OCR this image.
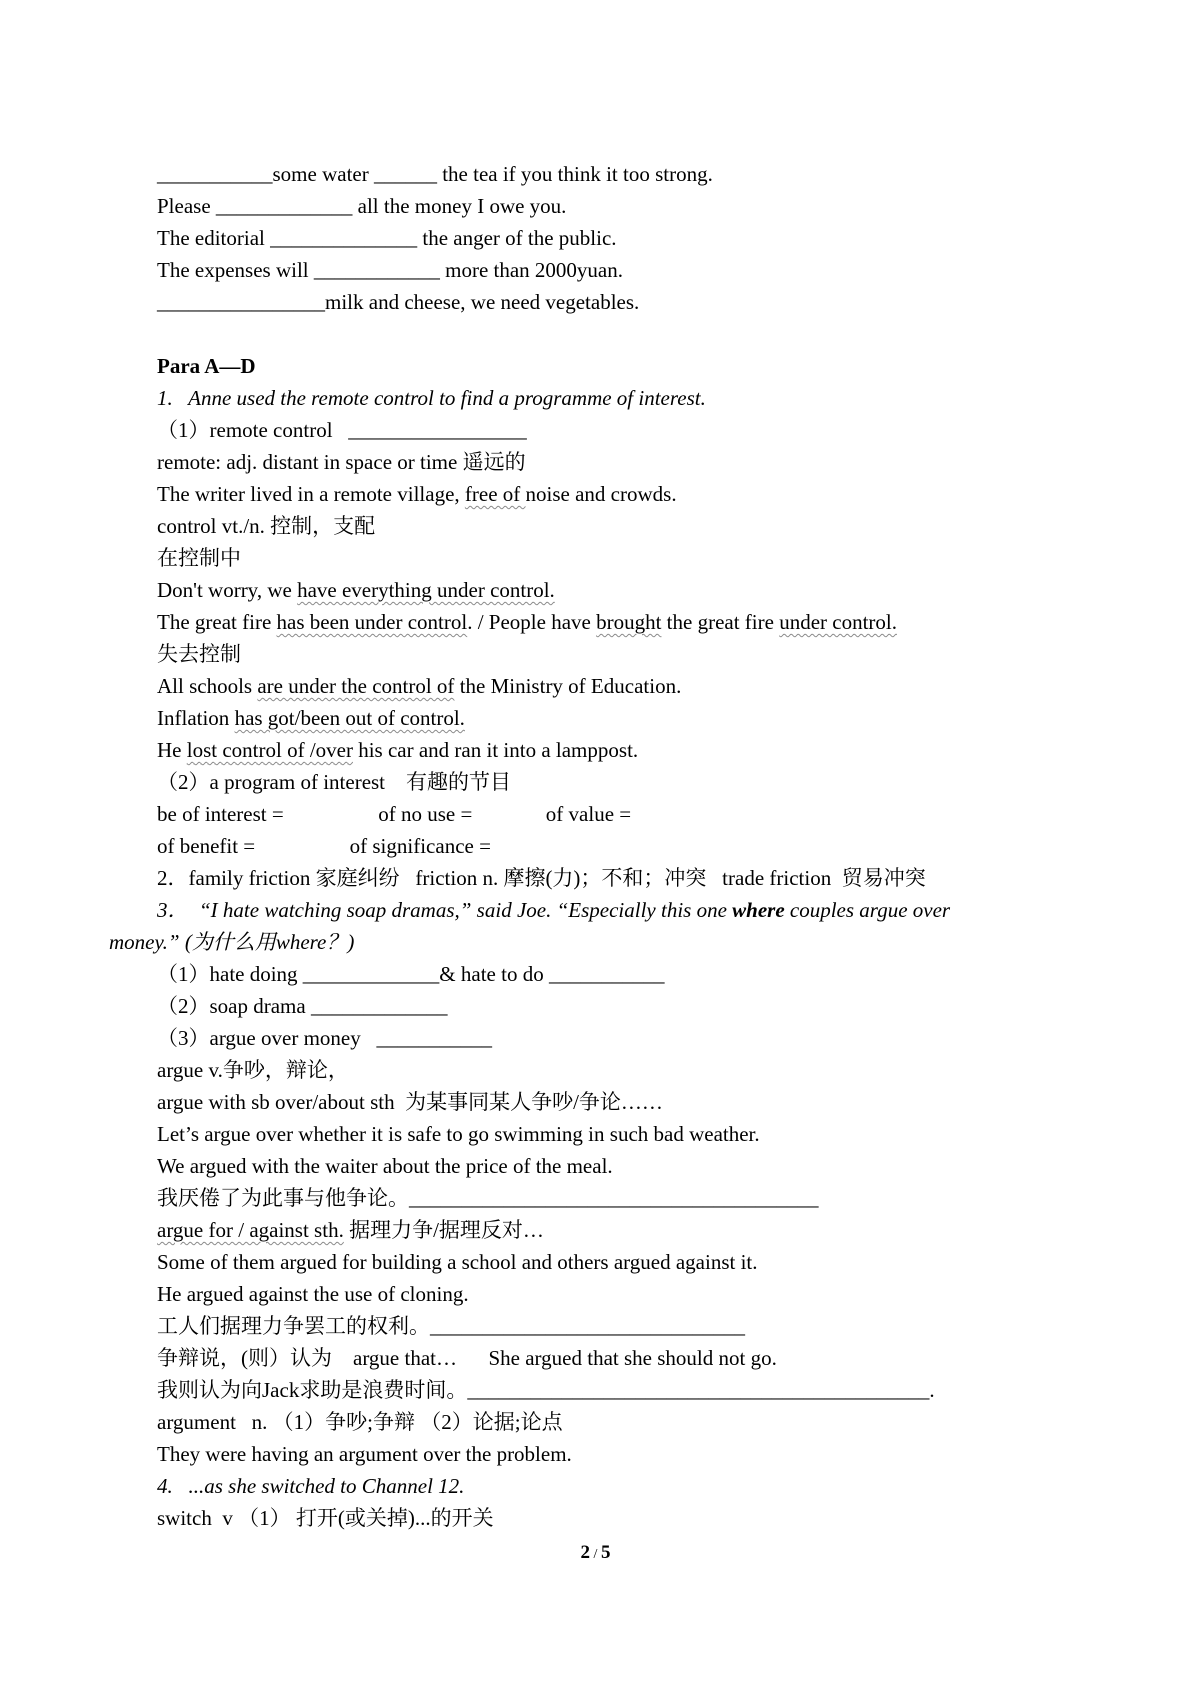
___________some water ______ the tea if you think it too strong.
Please _____________ all the money I owe you.
The editorial ______________ the anger of the public.
The expenses will ____________ more than 2000yuan.
________________milk and cheese, we need vegetables.
Para A—D
1.   Anne used the remote control to find a programme of interest.
（1）remote control   _________________
remote: adj. distant in space or time 遥远的
The writer lived in a remote village, free of noise and crowds.
control vt./n. 控制，支配
在控制中
Don't worry, we have everything under control.
The great fire has been under control. / People have brought the great fire under control.
失去控制
All schools are under the control of the Ministry of Education.
Inflation has got/been out of control.
He lost control of /over his car and ran it into a lamppost.
（2）a program of interest    有趣的节目
be of interest =                  of no use =              of value =
of benefit =                  of significance =
2．family friction 家庭纠纷   friction n. 摩擦(力)；不和；冲突   trade friction  贸易冲突
3．  “I hate watching soap dramas,” said Joe. “Especially this one where couples argue over
money.” (为什么用where？)
（1）hate doing _____________& hate to do ___________
（2）soap drama _____________
（3）argue over money   ___________
argue v.争吵，辩论，
argue with sb over/about sth  为某事同某人争吵/争论……
Let’s argue over whether it is safe to go swimming in such bad weather.
We argued with the waiter about the price of the meal.
我厌倦了为此事与他争论。_______________________________________
argue for / against sth. 据理力争/据理反对…
Some of them argued for building a school and others argued against it.
He argued against the use of cloning.
工人们据理力争罢工的权利。______________________________
争辩说，(则）认为    argue that…      She argued that she should not go.
我则认为向Jack求助是浪费时间。____________________________________________.
argument   n. （1）争吵;争辩 （2）论据;论点
They were having an argument over the problem.
4.   ...as she switched to Channel 12.
switch  v （1） 打开(或关掉)...的开关
2 / 5
